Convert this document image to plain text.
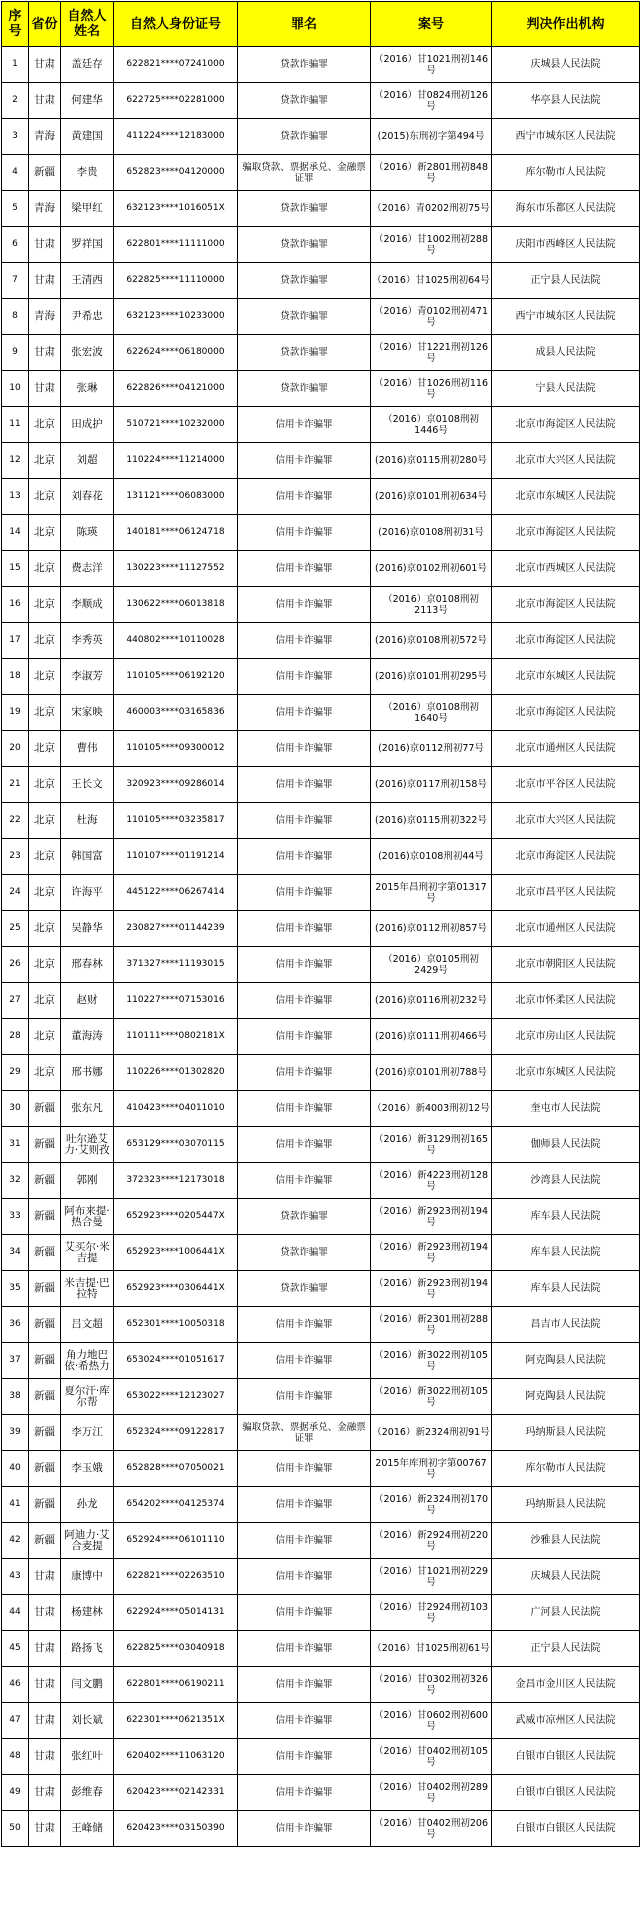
序号	省份	自然人姓名	自然人身份证号	罪名	案号	判决作出机构
1	甘肃	盖廷存	622821****07241000	贷款诈骗罪	（2016）甘1021刑初146号	庆城县人民法院
2	甘肃	何建华	622725****02281000	贷款诈骗罪	（2016）甘0824刑初126号	华亭县人民法院
3	青海	黄建国	411224****12183000	贷款诈骗罪	(2015)东刑初字第494号	西宁市城东区人民法院
4	新疆	李贵	652823****04120000	骗取贷款、票据承兑、金融票证罪	（2016）新2801刑初848号	库尔勒市人民法院
5	青海	梁甲红	632123****1016051X	贷款诈骗罪	（2016）青0202刑初75号	海东市乐都区人民法院
6	甘肃	罗祥国	622801****11111000	贷款诈骗罪	（2016）甘1002刑初288号	庆阳市西峰区人民法院
7	甘肃	王清西	622825****11110000	贷款诈骗罪	（2016）甘1025刑初64号	正宁县人民法院
8	青海	尹希忠	632123****10233000	贷款诈骗罪	（2016）青0102刑初471号	西宁市城东区人民法院
9	甘肃	张宏波	622624****06180000	贷款诈骗罪	（2016）甘1221刑初126号	成县人民法院
10	甘肃	张琳	622826****04121000	贷款诈骗罪	（2016）甘1026刑初116号	宁县人民法院
11	北京	田成护	510721****10232000	信用卡诈骗罪	（2016）京0108刑初1446号	北京市海淀区人民法院
12	北京	刘超	110224****11214000	信用卡诈骗罪	(2016)京0115刑初280号	北京市大兴区人民法院
13	北京	刘春花	131121****06083000	信用卡诈骗罪	(2016)京0101刑初634号	北京市东城区人民法院
14	北京	陈瑛	140181****06124718	信用卡诈骗罪	(2016)京0108刑初31号	北京市海淀区人民法院
15	北京	费志洋	130223****11127552	信用卡诈骗罪	(2016)京0102刑初601号	北京市西城区人民法院
16	北京	李顺成	130622****06013818	信用卡诈骗罪	（2016）京0108刑初2113号	北京市海淀区人民法院
17	北京	李秀英	440802****10110028	信用卡诈骗罪	(2016)京0108刑初572号	北京市海淀区人民法院
18	北京	李淑芳	110105****06192120	信用卡诈骗罪	(2016)京0101刑初295号	北京市东城区人民法院
19	北京	宋家映	460003****03165836	信用卡诈骗罪	（2016）京0108刑初1640号	北京市海淀区人民法院
20	北京	曹伟	110105****09300012	信用卡诈骗罪	(2016)京0112刑初77号	北京市通州区人民法院
21	北京	王长文	320923****09286014	信用卡诈骗罪	(2016)京0117刑初158号	北京市平谷区人民法院
22	北京	杜海	110105****03235817	信用卡诈骗罪	(2016)京0115刑初322号	北京市大兴区人民法院
23	北京	韩国富	110107****01191214	信用卡诈骗罪	(2016)京0108刑初44号	北京市海淀区人民法院
24	北京	许海平	445122****06267414	信用卡诈骗罪	2015年昌刑初字第01317号	北京市昌平区人民法院
25	北京	吴静华	230827****01144239	信用卡诈骗罪	(2016)京0112刑初857号	北京市通州区人民法院
26	北京	邢春林	371327****11193015	信用卡诈骗罪	（2016）京0105刑初2429号	北京市朝阳区人民法院
27	北京	赵财	110227****07153016	信用卡诈骗罪	(2016)京0116刑初232号	北京市怀柔区人民法院
28	北京	董海涛	110111****0802181X	信用卡诈骗罪	(2016)京0111刑初466号	北京市房山区人民法院
29	北京	邢书娜	110226****01302820	信用卡诈骗罪	(2016)京0101刑初788号	北京市东城区人民法院
30	新疆	张东凡	410423****04011010	信用卡诈骗罪	（2016）新4003刑初12号	奎屯市人民法院
31	新疆	吐尔逊艾力·艾则孜	653129****03070115	信用卡诈骗罪	（2016）新3129刑初165号	伽师县人民法院
32	新疆	郭刚	372323****12173018	信用卡诈骗罪	（2016）新4223刑初128号	沙湾县人民法院
33	新疆	阿布来提·热合曼	652923****0205447X	贷款诈骗罪	（2016）新2923刑初194号	库车县人民法院
34	新疆	艾买尔·米吉提	652923****1006441X	贷款诈骗罪	（2016）新2923刑初194号	库车县人民法院
35	新疆	米吉提·巴拉特	652923****0306441X	贷款诈骗罪	（2016）新2923刑初194号	库车县人民法院
36	新疆	吕文超	652301****10050318	信用卡诈骗罪	（2016）新2301刑初288号	昌吉市人民法院
37	新疆	角力地巴依·希热力	653024****01051617	信用卡诈骗罪	（2016）新3022刑初105号	阿克陶县人民法院
38	新疆	夏尔汗·库尔帮	653022****12123027	信用卡诈骗罪	（2016）新3022刑初105号	阿克陶县人民法院
39	新疆	李万江	652324****09122817	骗取贷款、票据承兑、金融票证罪	（2016）新2324刑初91号	玛纳斯县人民法院
40	新疆	李玉娥	652828****07050021	信用卡诈骗罪	2015年库刑初字第00767号	库尔勒市人民法院
41	新疆	孙龙	654202****04125374	信用卡诈骗罪	（2016）新2324刑初170号	玛纳斯县人民法院
42	新疆	阿迪力·艾合麦提	652924****06101110	信用卡诈骗罪	（2016）新2924刑初220号	沙雅县人民法院
43	甘肃	康博中	622821****02263510	信用卡诈骗罪	（2016）甘1021刑初229号	庆城县人民法院
44	甘肃	杨建林	622924****05014131	信用卡诈骗罪	（2016）甘2924刑初103号	广河县人民法院
45	甘肃	路扬飞	622825****03040918	信用卡诈骗罪	（2016）甘1025刑初61号	正宁县人民法院
46	甘肃	闫文鹏	622801****06190211	信用卡诈骗罪	（2016）甘0302刑初326号	金昌市金川区人民法院
47	甘肃	刘长斌	622301****0621351X	信用卡诈骗罪	（2016）甘0602刑初600号	武威市凉州区人民法院
48	甘肃	张红叶	620402****11063120	信用卡诈骗罪	（2016）甘0402刑初105号	白银市白银区人民法院
49	甘肃	彭维春	620423****02142331	信用卡诈骗罪	（2016）甘0402刑初289号	白银市白银区人民法院
50	甘肃	王峰储	620423****03150390	信用卡诈骗罪	（2016）甘0402刑初206号	白银市白银区人民法院
